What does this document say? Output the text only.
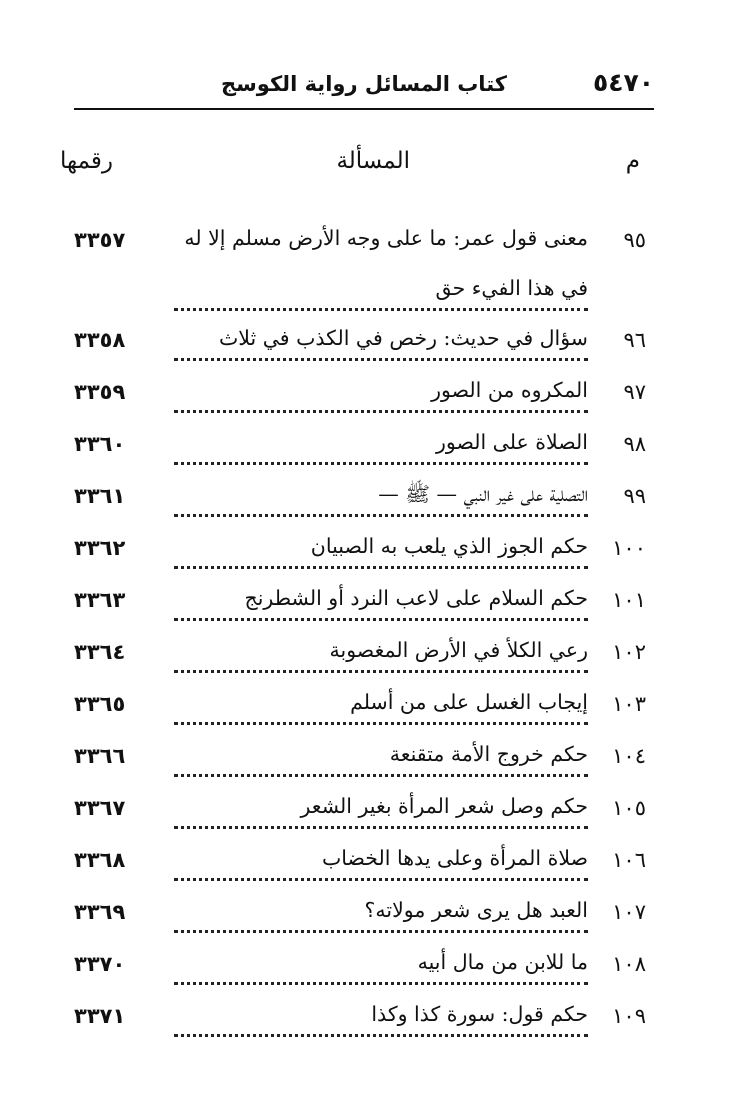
٥٤٧٠
كتاب المسائل رواية الكوسج
م
المسألة
رقمها
٩٥
معنى قول عمر: ما على وجه الأرض مسلم إلا له
في هذا الفيء حق
٣٣٥٧
٩٦
سؤال في حديث: رخص في الكذب في ثلاث
٣٣٥٨
٩٧
المكروه من الصور
٣٣٥٩
٩٨
الصلاة على الصور
٣٣٦٠
٩٩
التصلية على غير النبي — ﷺ —
٣٣٦١
١٠٠
حكم الجوز الذي يلعب به الصبيان
٣٣٦٢
١٠١
حكم السلام على لاعب النرد أو الشطرنج
٣٣٦٣
١٠٢
رعي الكلأ في الأرض المغصوبة
٣٣٦٤
١٠٣
إيجاب الغسل على من أسلم
٣٣٦٥
١٠٤
حكم خروج الأمة متقنعة
٣٣٦٦
١٠٥
حكم وصل شعر المرأة بغير الشعر
٣٣٦٧
١٠٦
صلاة المرأة وعلى يدها الخضاب
٣٣٦٨
١٠٧
العبد هل يرى شعر مولاته؟
٣٣٦٩
١٠٨
ما للابن من مال أبيه
٣٣٧٠
١٠٩
حكم قول: سورة كذا وكذا
٣٣٧١
